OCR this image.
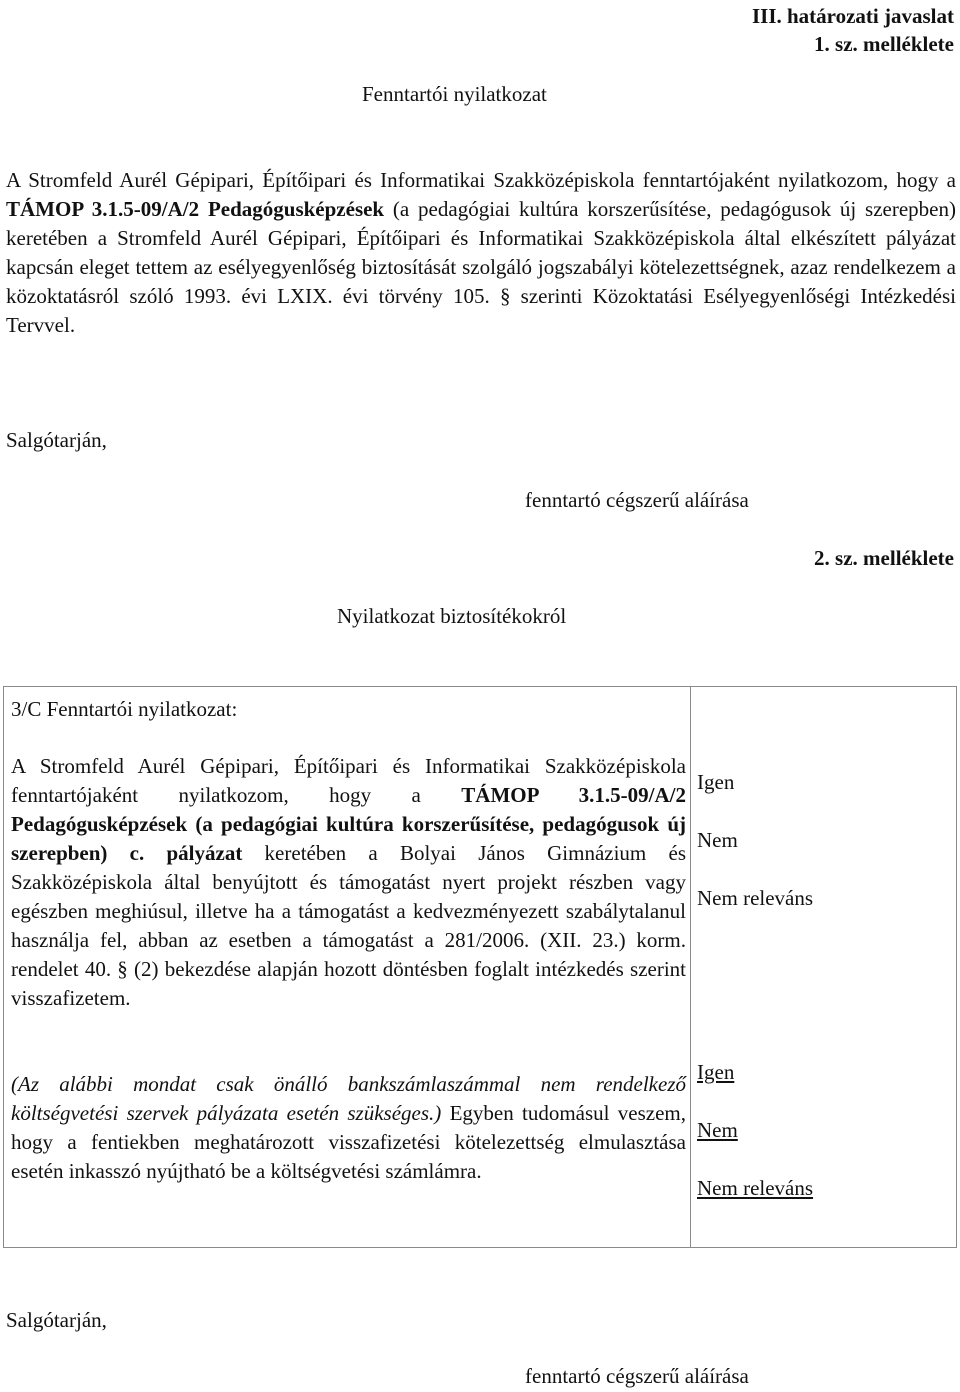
III. határozati javaslat
1. sz. melléklete
Fenntartói nyilatkozat
A Stromfeld Aurél Gépipari, Építőipari és Informatikai Szakközépiskola fenntartójaként nyilatkozom, hogy a TÁMOP 3.1.5-09/A/2 Pedagógusképzések (a pedagógiai kultúra korszerűsítése, pedagógusok új szerepben) keretében a Stromfeld Aurél Gépipari, Építőipari és Informatikai Szakközépiskola által elkészített pályázat kapcsán eleget tettem az esélyegyenlőség biztosítását szolgáló jogszabályi kötelezettségnek, azaz rendelkezem a közoktatásról szóló 1993. évi LXIX. évi törvény 105. § szerinti Közoktatási Esélyegyenlőségi Intézkedési Tervvel.
Salgótarján,
fenntartó cégszerű aláírása
2. sz. melléklete
Nyilatkozat biztosítékokról
3/C Fenntartói nyilatkozat:
A Stromfeld Aurél Gépipari, Építőipari és Informatikai Szakközépiskola fenntartójaként nyilatkozom, hogy a TÁMOP 3.1.5-09/A/2 Pedagógusképzések (a pedagógiai kultúra korszerűsítése, pedagógusok új szerepben) c. pályázat keretében a Bolyai János Gimnázium és Szakközépiskola által benyújtott és támogatást nyert projekt részben vagy egészben meghiúsul, illetve ha a támogatást a kedvezményezett szabálytalanul használja fel, abban az esetben a támogatást a 281/2006. (XII. 23.) korm. rendelet 40. § (2) bekezdése alapján hozott döntésben foglalt intézkedés szerint visszafizetem.
(Az alábbi mondat csak önálló bankszámlaszámmal nem rendelkező költségvetési szervek pályázata esetén szükséges.) Egyben tudomásul veszem, hogy a fentiekben meghatározott visszafizetési kötelezettség elmulasztása esetén inkasszó nyújtható be a költségvetési számlámra.
Igen
Nem
Nem releváns
Igen
Nem
Nem releváns
Salgótarján,
fenntartó cégszerű aláírása
